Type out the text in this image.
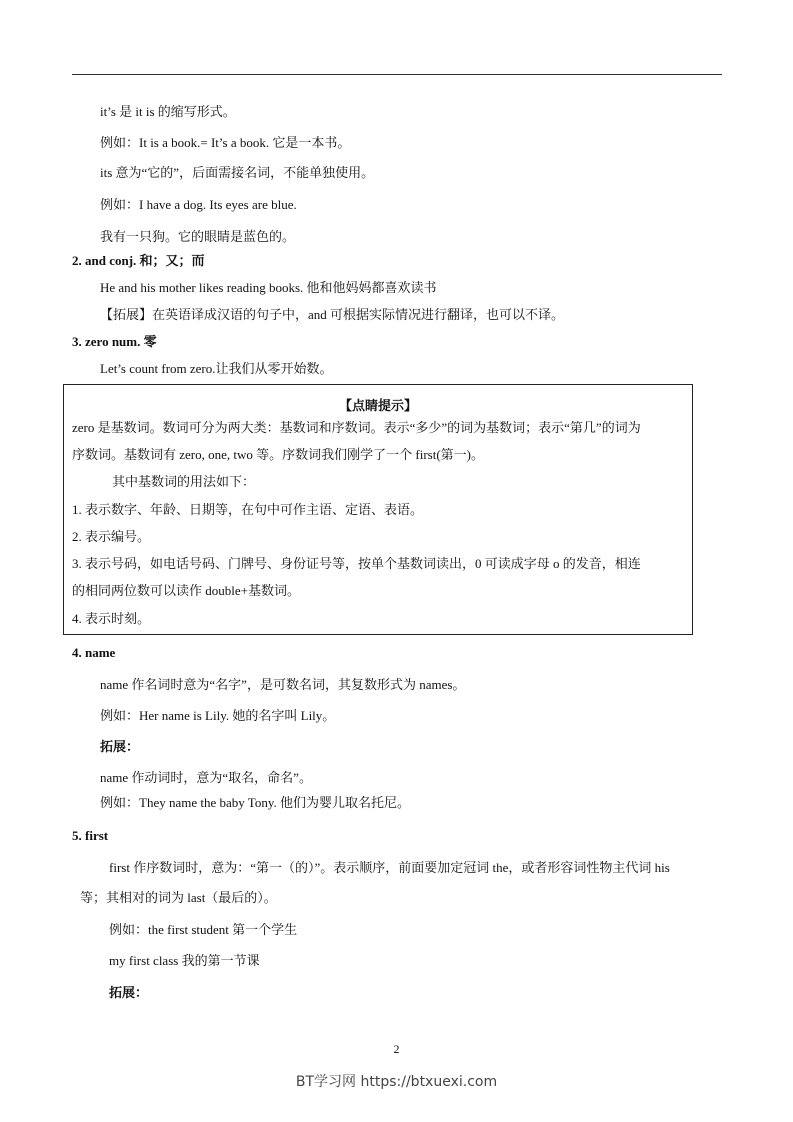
it’s 是 it is 的缩写形式。
例如：It is a book.= It’s a book. 它是一本书。
its 意为“它的”，后面需接名词，不能单独使用。
例如：I have a dog. Its eyes are blue.
我有一只狗。它的眼睛是蓝色的。
2. and conj. 和；又；而
He and his mother likes reading books. 他和他妈妈都喜欢读书
【拓展】在英语译成汉语的句子中，and 可根据实际情况进行翻译，也可以不译。
3. zero num. 零
Let’s count from zero.让我们从零开始数。
【点睛提示】
zero 是基数词。数词可分为两大类：基数词和序数词。表示“多少”的词为基数词；表示“第几”的词为
序数词。基数词有 zero, one, two 等。序数词我们刚学了一个 first(第一)。
其中基数词的用法如下：
1. 表示数字、年龄、日期等，在句中可作主语、定语、表语。
2. 表示编号。
3. 表示号码，如电话号码、门牌号、身份证号等，按单个基数词读出，0 可读成字母 o 的发音，相连
的相同两位数可以读作 double+基数词。
4. 表示时刻。
4. name
name 作名词时意为“名字”，是可数名词，其复数形式为 names。
例如：Her name is Lily. 她的名字叫 Lily。
拓展：
name 作动词时，意为“取名，命名”。
例如：They name the baby Tony. 他们为婴儿取名托尼。
5. first
first 作序数词时，意为：“第一（的）”。表示顺序，前面要加定冠词 the，或者形容词性物主代词 his
等；其相对的词为 last（最后的）。
例如：the first student 第一个学生
my first class 我的第一节课
拓展：
2
BT学习网 https://btxuexi.com
